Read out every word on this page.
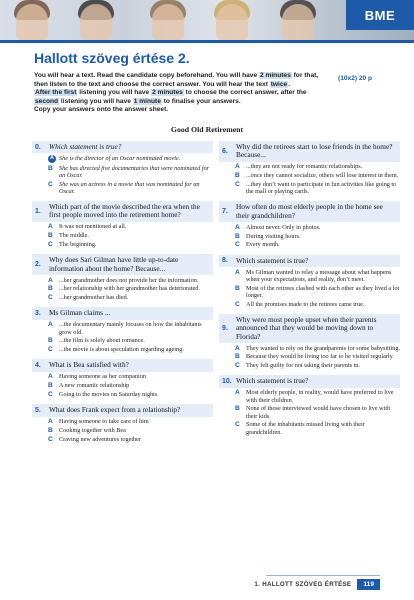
BME
Hallott szöveg értése 2.
You will hear a text. Read the candidate copy beforehand. You will have 2 minutes for that,
then listen to the text and choose the correct answer. You will hear the text twice.
After the first listening you will have 2 minutes to choose the correct answer, after the
second listening you will have 1 minute to finalise your answers.
Copy your answers onto the answer sheet.
(10x2) 20 p
Good Old Retirement
0.	Which statement is true?
A She is the director of an Oscar nominated movie.
B	She has directed five documentaries that were nominated for an Oscar.
C	She was an actress in a movie that was nominated for an Oscar.
1.
Which part of the movie described the era when the first people moved into the retirement home?
A	It was not mentioned at all.
B	The middle.
C	The beginning.
2.
Why does Sari Gilman have little up-to-date information about the home? Because...
A	...her grandmother does not provide her the information.
B	...her relationship with her grandmother has deteriorated.
C	...her grandmother has died.
3.	Ms Gilman claims ...
A	...the documentary mainly focuses on how the inhabitants grow old.
B	...the film is solely about romance.
C	...the movie is about speculation regarding ageing.
4.	What is Bea satisfied with?
A	Having someone as her companion
B	A new romantic relationship
C	Going to the movies on Saturday nights
5.	What does Frank expect from a relationship?
A	Having someone to take care of him
B	Cooking together with Bea
C	Craving new adventures together
6.
Why did the retirees start to lose friends in the home? Because...
A	...they are not ready for romantic relationships.
B	...once they cannot socialize, others will lose interest in them.
C	...they don’t want to participate in fun activities like going to the mall or playing cards.
7.
How often do most elderly people in the home see their grandchildren?
A	Almost never. Only in photos.
B	During visiting hours.
C	Every month.
8.	Which statement is true?
A	Ms Gilman wanted to relay a message about what happens when your expectations, and reality, don’t meet.
B	Most of the retirees clashed with each other as they lived a lot longer.
C	All the promises made to the retirees came true.
9.
Why were most people upset when their parents announced that they would be moving down to Florida?
A	They wanted to rely on the grandparents for some babysitting.
B	Because they would be living too far to be visited regularly.
C	They felt guilty for not taking their parents in.
10. Which statement is true?
A	Most elderly people, in reality, would have preferred to live with their children.
B	None of those interviewed would have chosen to live with their kids.
C	Some of the inhabitants missed living with their grandchildren.
1. HALLOTT SZÖVEG ÉRTÉSE	119
